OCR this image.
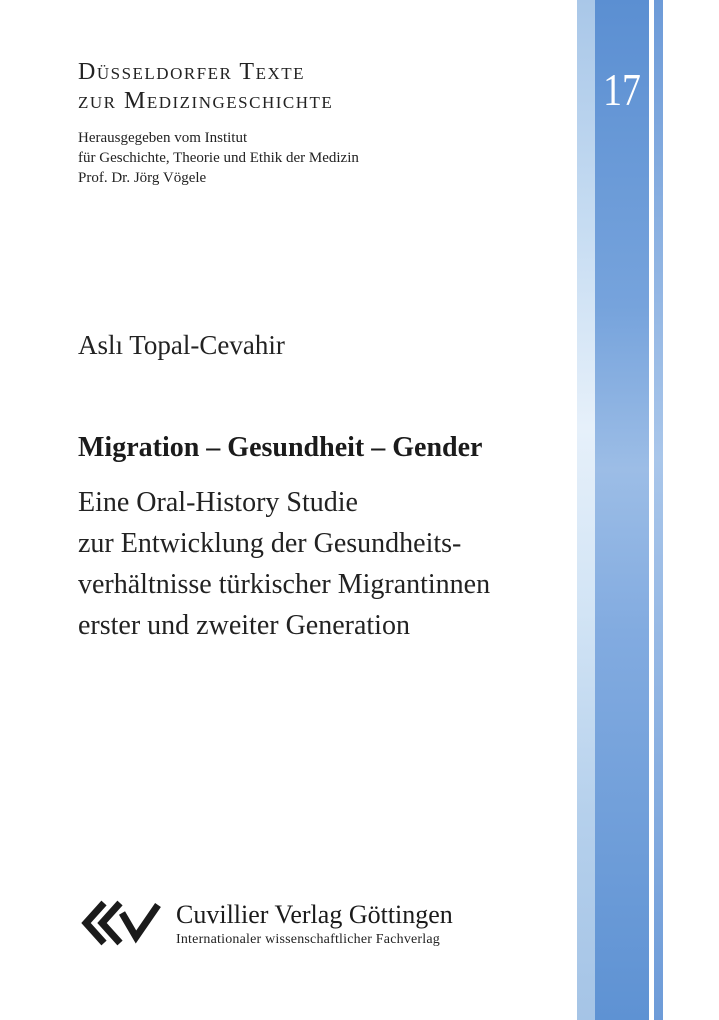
Düsseldorfer Texte
zur Medizingeschichte
Herausgegeben vom Institut
für Geschichte, Theorie und Ethik der Medizin
Prof. Dr. Jörg Vögele
17
Aslı Topal-Cevahir
Migration – Gesundheit – Gender
Eine Oral-History Studie
zur Entwicklung der Gesundheits-
verhältnisse türkischer Migrantinnen
erster und zweiter Generation
Cuvillier Verlag Göttingen
Internationaler wissenschaftlicher Fachverlag
